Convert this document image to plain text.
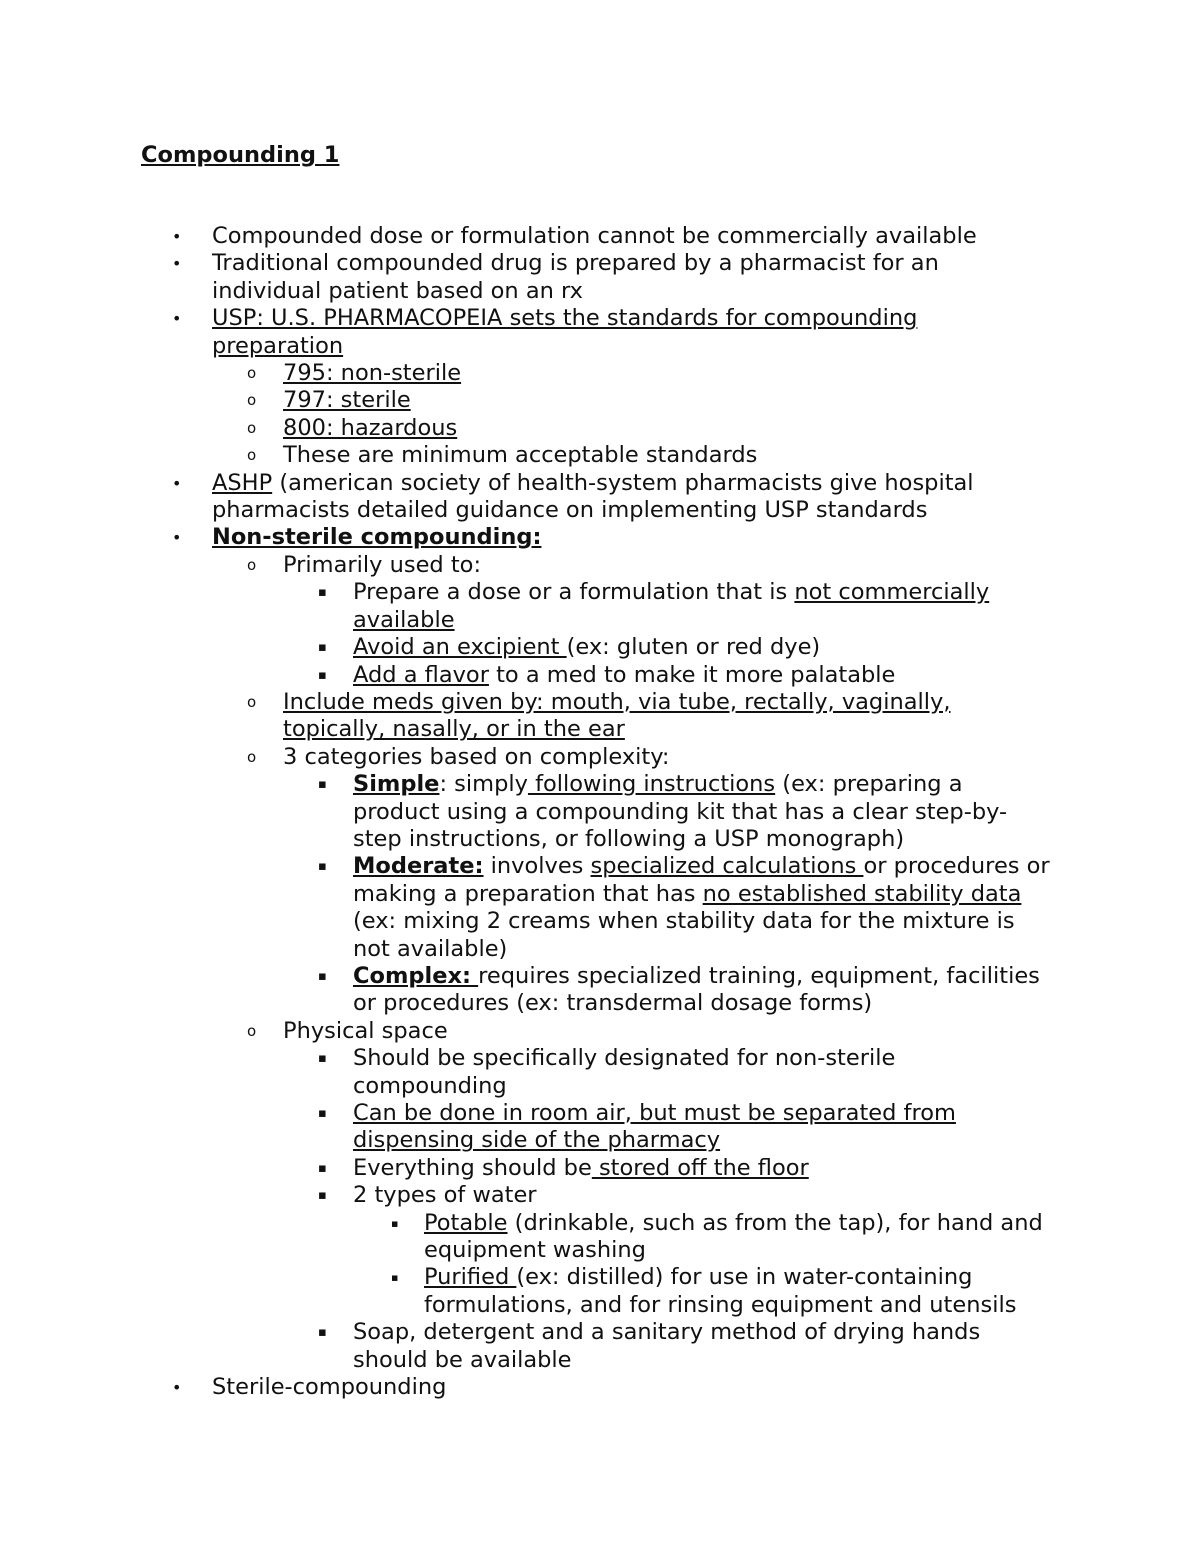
Compounding 1
• Compounded dose or formulation cannot be commercially available
• Traditional compounded drug is prepared by a pharmacist for an individual patient based on an rx
• USP: U.S. PHARMACOPEIA sets the standards for compounding preparation
o 795: non-sterile
o 797: sterile
o 800: hazardous
o These are minimum acceptable standards
• ASHP (american society of health-system pharmacists give hospital pharmacists detailed guidance on implementing USP standards
• Non-sterile compounding:
o Primarily used to:
▪ Prepare a dose or a formulation that is not commercially available
▪ Avoid an excipient (ex: gluten or red dye)
▪ Add a flavor to a med to make it more palatable
o Include meds given by: mouth, via tube, rectally, vaginally, topically, nasally, or in the ear
o 3 categories based on complexity:
▪ Simple: simply following instructions (ex: preparing a product using a compounding kit that has a clear step-by-step instructions, or following a USP monograph)
▪ Moderate: involves specialized calculations or procedures or making a preparation that has no established stability data (ex: mixing 2 creams when stability data for the mixture is not available)
▪ Complex: requires specialized training, equipment, facilities or procedures (ex: transdermal dosage forms)
o Physical space
▪ Should be specifically designated for non-sterile compounding
▪ Can be done in room air, but must be separated from dispensing side of the pharmacy
▪ Everything should be stored off the floor
▪ 2 types of water
▪ Potable (drinkable, such as from the tap), for hand and equipment washing
▪ Purified (ex: distilled) for use in water-containing formulations, and for rinsing equipment and utensils
▪ Soap, detergent and a sanitary method of drying hands should be available
• Sterile-compounding
